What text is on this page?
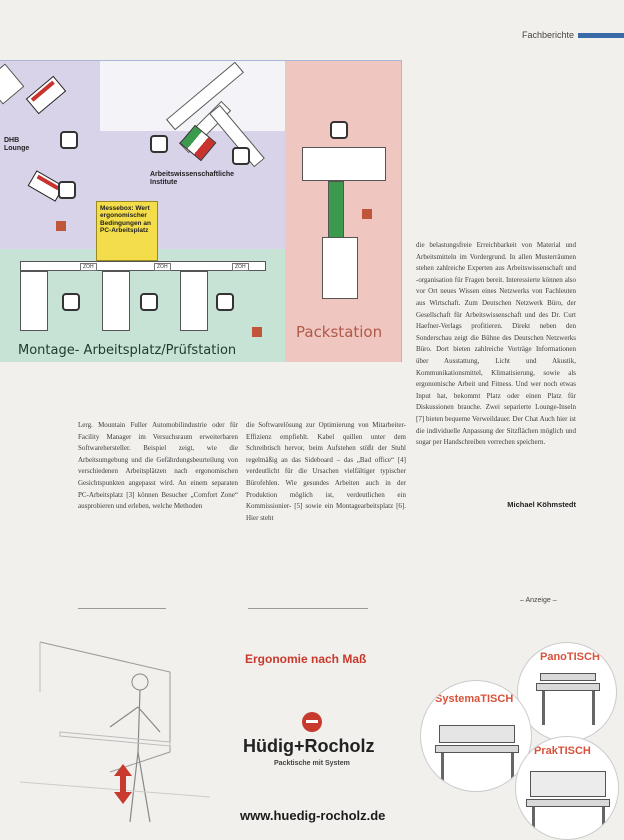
Fachberichte
DHB
Lounge
Arbeitswissenschaftliche
Institute
Messebox: Wert
ergonomischer
Bedingungen an
PC-Arbeitsplatz
Packstation
ZOH	ZOH	ZOH
Montage- Arbeitsplatz/Prüfstation

Lerg. Mountain Fuller Automobilindustrie oder für Facility Manager im Versuchsraum erweiterbaren Softwarehersteller. Beispiel zeigt, wie die Arbeitsumgebung und die Gefährdungsbeurteilung von verschiedenen Arbeitsplätzen nach ergonomischen Gesichtspunkten angepasst wird. An einem separaten PC-Arbeitsplatz [3] können Besucher „Comfort Zone“ ausprobieren und erleben, welche Methoden

die Softwarelösung zur Optimierung von Mitarbeiter-Effizienz empfiehlt. Kabel quillen unter dem Schreibtisch hervor, beim Aufstehen stößt der Stuhl regelmäßig an das Sideboard – das „Bad office“ [4] verdeutlicht für die Ursachen vielfältiger typischer Bürofehlen. Wie gesundes Arbeiten auch in der Produktion möglich ist, verdeutlichen ein Kommissionier- [5] sowie ein Montagearbeitsplatz [6]. Hier steht

die belastungsfreie Erreichbarkeit von Material und Arbeitsmitteln im Vordergrund. In allen Musterräumen stehen zahlreiche Experten aus Arbeitswissenschaft und -organisation für Fragen bereit. Interessierte können also vor Ort neues Wissen eines Netzwerks von Fachleuten aus Wirtschaft. Zum Deutschen Netzwerk Büro, der Gesellschaft für Arbeitswissenschaft und des Dr. Curt Haefner-Verlags profitieren. Direkt neben den Sonderschau zeigt die Bühne des Deutschen Netzwerks Büro. Dort bieten zahlreiche Vorträge Informationen über Ausstattung, Licht und Akustik, Kommunikationsmittel, Klimatisierung, sowie als ergonomische Arbeit und Fitness. Und wer noch etwas Input hat, bekommt Platz oder einen Platz für Diskussionen brauche. Zwei separierte Lounge-Inseln [7] bieten bequeme Verweildauer. Der Chat Auch hier ist die individuelle Anpassung der Sitzflächen möglich und sogar per Handschreiben verrechen speichern.

Michael Köhmstedt
– Anzeige –
Ergonomie nach Maß
Hüdig+Rocholz
Packtische mit System
www.huedig-rocholz.de
PanoTISCH
SystemaTISCH
PrakTISCH
